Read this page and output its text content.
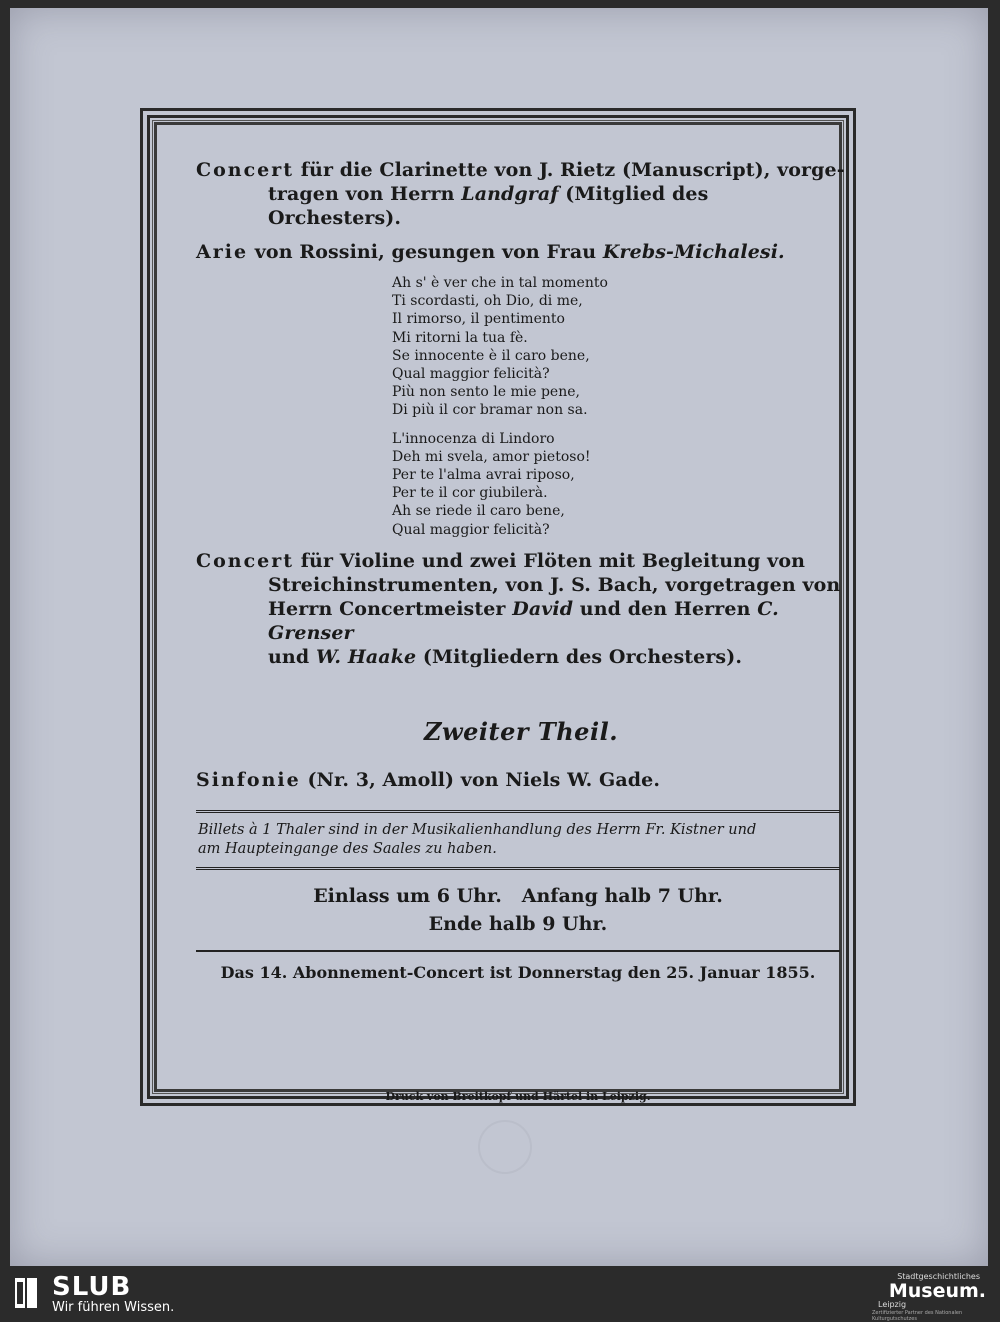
Concert für die Clarinette von J. Rietz (Manuscript), vorge-
tragen von Herrn Landgraf (Mitglied des Orchesters).
Arie von Rossini, gesungen von Frau Krebs-Michalesi.
Ah s' è ver che in tal momento
Ti scordasti, oh Dio, di me,
Il rimorso, il pentimento
Mi ritorni la tua fè.
Se innocente è il caro bene,
Qual maggior felicità?
Più non sento le mie pene,
Di più il cor bramar non sa.
L'innocenza di Lindoro
Deh mi svela, amor pietoso!
Per te l'alma avrai riposo,
Per te il cor giubilerà.
Ah se riede il caro bene,
Qual maggior felicità?
Concert für Violine und zwei Flöten mit Begleitung von
Streichinstrumenten, von J. S. Bach, vorgetragen von
Herrn Concertmeister David und den Herren C. Grenser
und W. Haake (Mitgliedern des Orchesters).
Zweiter Theil.
Sinfonie (Nr. 3, Amoll) von Niels W. Gade.
Billets à 1 Thaler sind in der Musikalienhandlung des Herrn Fr. Kistner und
am Haupteingange des Saales zu haben.
Einlass um 6 Uhr.   Anfang halb 7 Uhr.
Ende halb 9 Uhr.
Das 14. Abonnement-Concert ist Donnerstag den 25. Januar 1855.
Druck von Breitkopf und Härtel in Leipzig.
SLUB
Wir führen Wissen.
Stadtgeschichtliches
Museum.
Leipzig
Zertifizierter Partner des Nationalen Kulturgutschutzes
